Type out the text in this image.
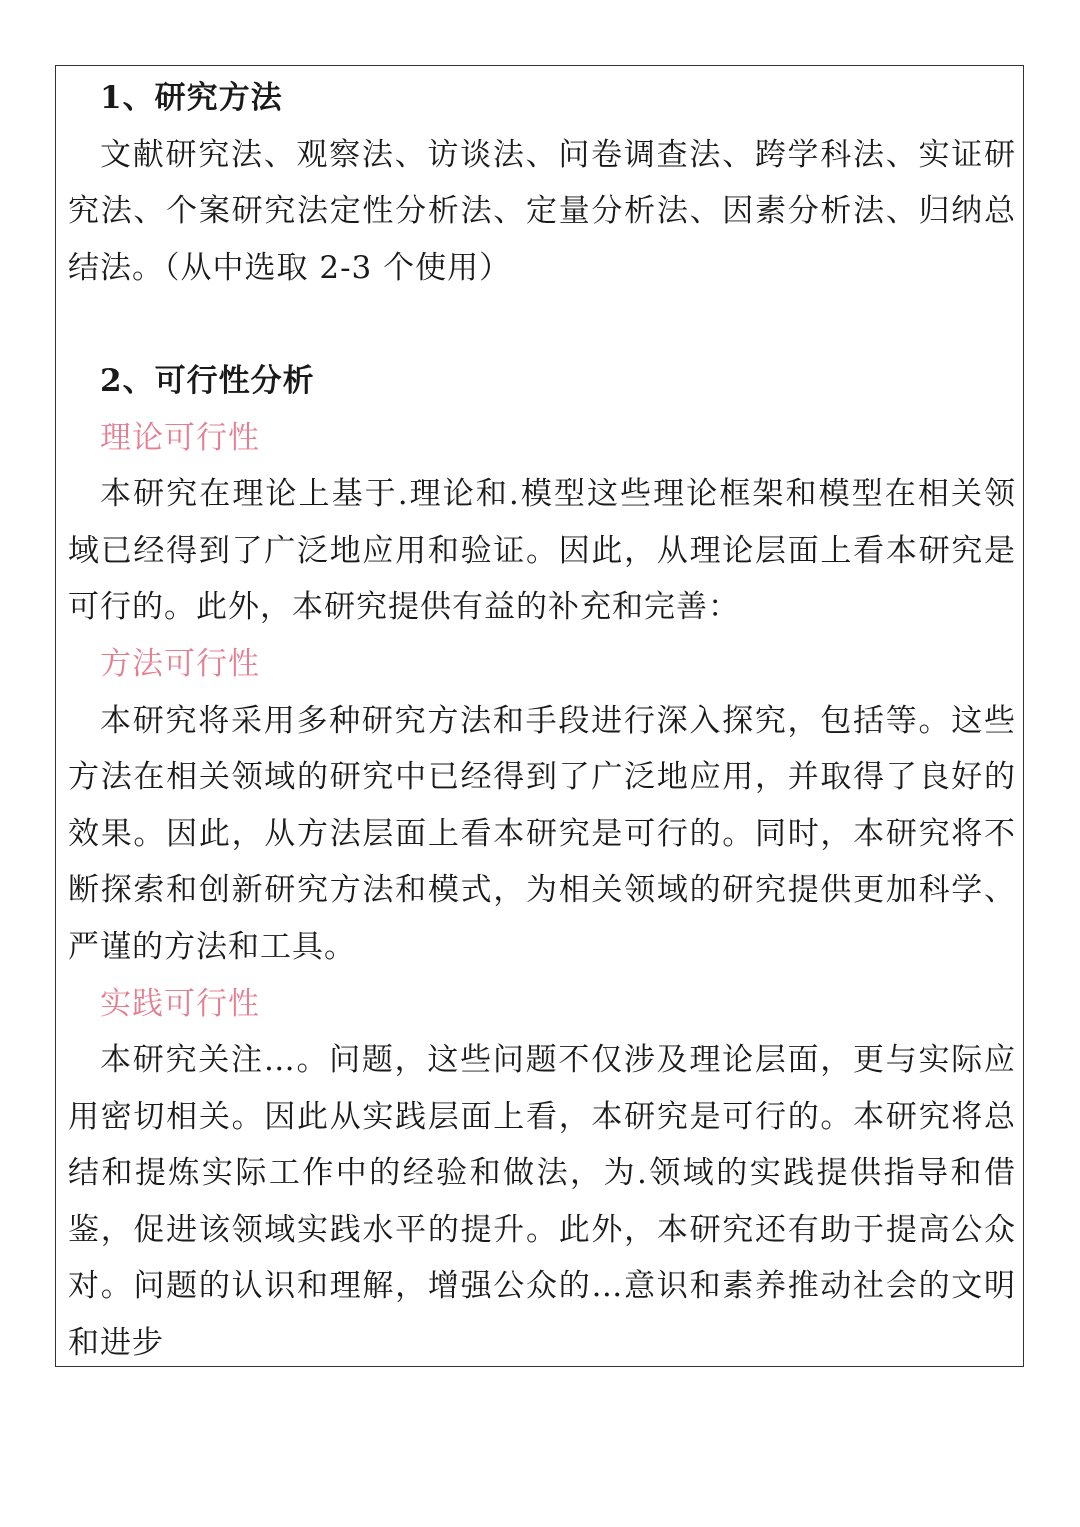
1、研究方法

文献研究法、观察法、访谈法、问卷调查法、跨学科法、实证研究法、个案研究法定性分析法、定量分析法、因素分析法、归纳总结法。（从中选取 2-3 个使用）

2、可行性分析

理论可行性

本研究在理论上基于.理论和.模型这些理论框架和模型在相关领域已经得到了广泛地应用和验证。因此，从理论层面上看本研究是可行的。此外，本研究提供有益的补充和完善：

方法可行性

本研究将采用多种研究方法和手段进行深入探究，包括等。这些方法在相关领域的研究中已经得到了广泛地应用，并取得了良好的效果。因此，从方法层面上看本研究是可行的。同时，本研究将不断探索和创新研究方法和模式，为相关领域的研究提供更加科学、严谨的方法和工具。

实践可行性

本研究关注…。问题，这些问题不仅涉及理论层面，更与实际应用密切相关。因此从实践层面上看，本研究是可行的。本研究将总结和提炼实际工作中的经验和做法，为.领域的实践提供指导和借鉴，促进该领域实践水平的提升。此外，本研究还有助于提高公众对。问题的认识和理解，增强公众的…意识和素养推动社会的文明和进步
